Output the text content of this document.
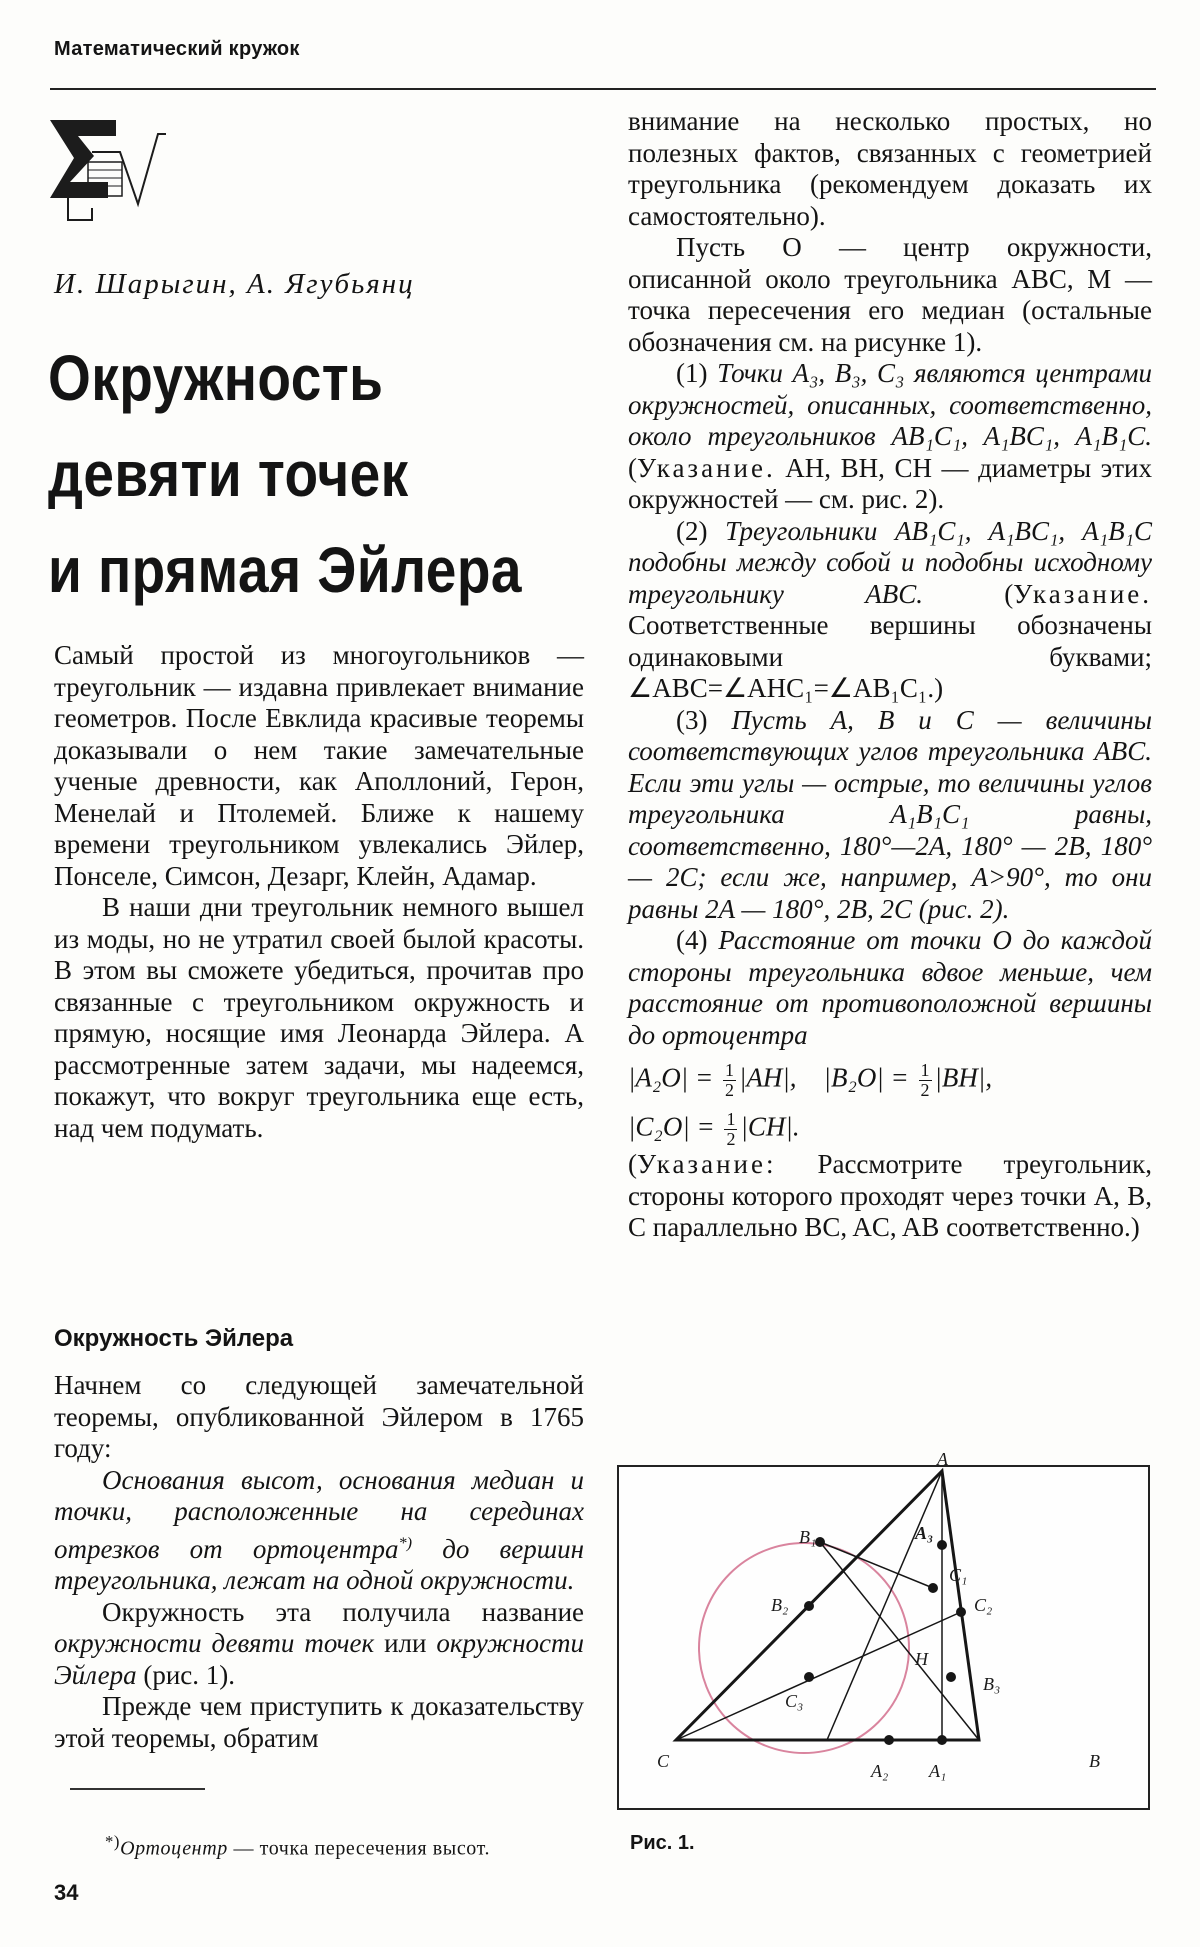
Математический кружок
И. Шарыгин, А. Ягубьянц
Окружность
девяти точек
и прямая Эйлера

Самый простой из многоугольников — треугольник — издавна привлекает внимание геометров. После Евклида красивые теоремы доказывали о нем такие замечательные ученые древности, как Аполлоний, Герон, Менелай и Птолемей. Ближе к нашему времени треугольником увлекались Эйлер, Понселе, Симсон, Дезарг, Клейн, Адамар.

В наши дни треугольник немного вышел из моды, но не утратил своей былой красоты. В этом вы сможете убедиться, прочитав про связанные с треугольником окружность и прямую, носящие имя Леонарда Эйлера. А рассмотренные затем задачи, мы надеемся, покажут, что вокруг треугольника еще есть, над чем подумать.

Окружность Эйлера

Начнем со следующей замечательной теоремы, опубликованной Эйлером в 1765 году:

Основания высот, основания медиан и точки, расположенные на серединах отрезков от ортоцентра*) до вершин треугольника, лежат на одной окружности.

Окружность эта получила название окружности девяти точек или окружности Эйлера (рис. 1).

Прежде чем приступить к доказательству этой теоремы, обратим

внимание на несколько простых, но полезных фактов, связанных с геометрией треугольника (рекомендуем доказать их самостоятельно).

Пусть O — центр окружности, описанной около треугольника ABC, M — точка пересечения его медиан (остальные обозначения см. на рисунке 1).

(1) Точки A₃, B₃, C₃ являются центрами окружностей, описанных, соответственно, около треугольников AB₁C₁, A₁BC₁, A₁B₁C. (Указание. AH, BH, CH — диаметры этих окружностей — см. рис. 2).

(2) Треугольники AB₁C₁, A₁BC₁, A₁B₁C подобны между собой и подобны исходному треугольнику ABC. (Указание. Соответственные вершины обозначены одинаковыми буквами; ∠ABC=∠AHC₁=∠AB₁C₁.)

(3) Пусть A, B и C — величины соответствующих углов треугольника ABC. Если эти углы — острые, то величины углов треугольника A₁B₁C₁ равны, соответственно, 180°—2A, 180° — 2B, 180° — 2C; если же, например, A>90°, то они равны 2A — 180°, 2B, 2C (рис. 2).

(4) Расстояние от точки O до каждой стороны треугольника вдвое меньше, чем расстояние от противоположной вершины до ортоцентра

$|A_2O| = \frac{1}{2} |AH|$, $|B_2O| = \frac{1}{2} |BH|$,

$|C_2O| = \frac{1}{2} |CH|$.

(Указание: Рассмотрите треугольник, стороны которого проходят через точки A, B, C параллельно BC, AC, AB соответственно.)

A
B
C
H
A₁
A₂
A₃
B₁
B₂
B₃
C₁
C₂
C₃
Рис. 1.
*)Ортоцентр — точка пересечения высот.
34
